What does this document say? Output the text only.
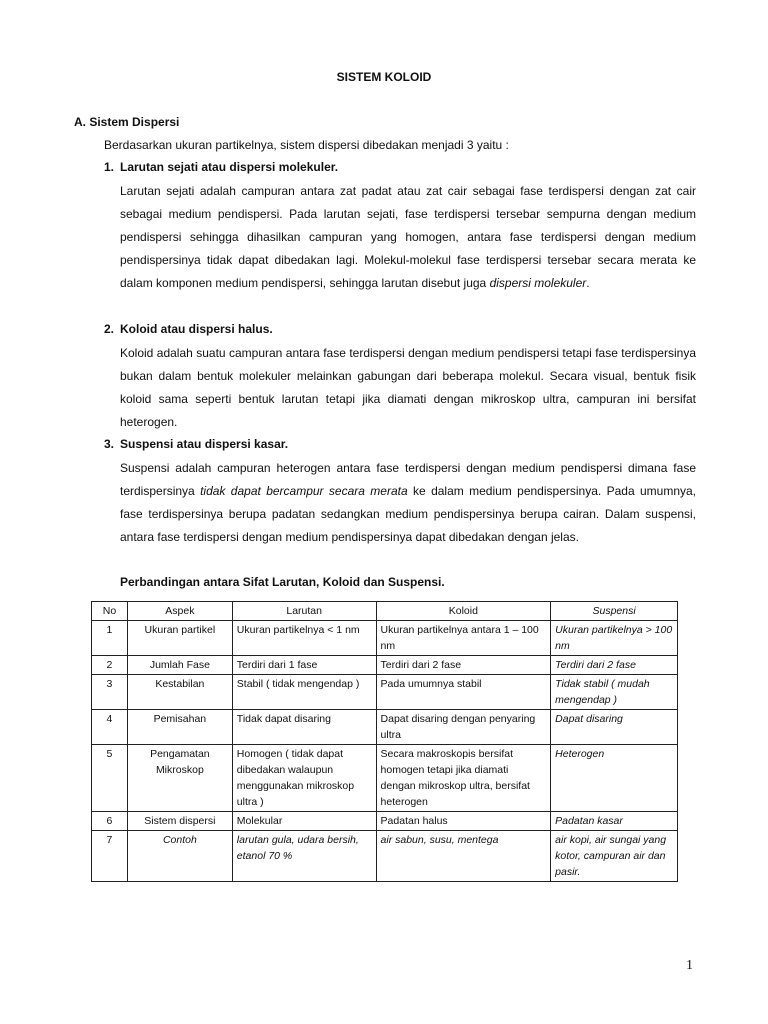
SISTEM KOLOID
A. Sistem Dispersi
Berdasarkan ukuran partikelnya, sistem dispersi dibedakan menjadi 3 yaitu :
1. Larutan sejati atau dispersi molekuler.
Larutan sejati adalah campuran antara zat padat atau zat cair sebagai fase terdispersi dengan zat cair sebagai medium pendispersi. Pada larutan sejati, fase terdispersi tersebar sempurna dengan medium pendispersi sehingga dihasilkan campuran yang homogen, antara fase terdispersi dengan medium pendispersinya tidak dapat dibedakan lagi. Molekul-molekul fase terdispersi tersebar secara merata ke dalam komponen medium pendispersi, sehingga larutan disebut juga dispersi molekuler.
2. Koloid atau dispersi halus.
Koloid adalah suatu campuran antara fase terdispersi dengan medium pendispersi tetapi fase terdispersinya bukan dalam bentuk molekuler melainkan gabungan dari beberapa molekul. Secara visual, bentuk fisik koloid sama seperti bentuk larutan tetapi jika diamati dengan mikroskop ultra, campuran ini bersifat heterogen.
3. Suspensi atau dispersi kasar.
Suspensi adalah campuran heterogen antara fase terdispersi dengan medium pendispersi dimana fase terdispersinya tidak dapat bercampur secara merata ke dalam medium pendispersinya. Pada umumnya, fase terdispersinya berupa padatan sedangkan medium pendispersinya berupa cairan. Dalam suspensi, antara fase terdispersi dengan medium pendispersinya dapat dibedakan dengan jelas.
Perbandingan antara Sifat Larutan, Koloid dan Suspensi.
No	Aspek	Larutan	Koloid	Suspensi
1	Ukuran partikel	Ukuran partikelnya < 1 nm	Ukuran partikelnya antara 1 – 100 nm	Ukuran partikelnya > 100 nm
2	Jumlah Fase	Terdiri dari 1 fase	Terdiri dari 2 fase	Terdiri dari 2 fase
3	Kestabilan	Stabil ( tidak mengendap )	Pada umumnya stabil	Tidak stabil ( mudah mengendap )
4	Pemisahan	Tidak dapat disaring	Dapat disaring dengan penyaring ultra	Dapat disaring
5	Pengamatan Mikroskop	Homogen ( tidak dapat dibedakan walaupun menggunakan mikroskop ultra )	Secara makroskopis bersifat homogen tetapi jika diamati dengan mikroskop ultra, bersifat heterogen	Heterogen
6	Sistem dispersi	Molekular	Padatan halus	Padatan kasar
7	Contoh	larutan gula, udara bersih, etanol 70 %	air sabun, susu, mentega	air kopi, air sungai yang kotor, campuran air dan pasir.
1
